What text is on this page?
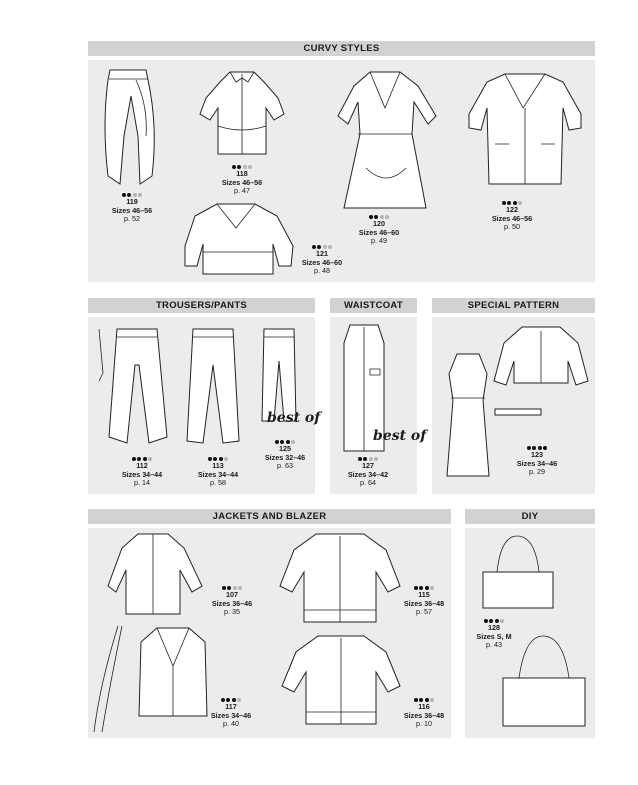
CURVY STYLES
119
Sizes 46–56
p. 52
118
Sizes 46–56
p. 47
120
Sizes 46–60
p. 49
122
Sizes 46–56
p. 50
121
Sizes 46–60
p. 48
TROUSERS/PANTS
best of
112
Sizes 34–44
p. 14
113
Sizes 34–44
p. 58
125
Sizes 32–46
p. 63
WAISTCOAT
best of
127
Sizes 34–42
p. 64
SPECIAL PATTERN
123
Sizes 34–46
p. 29
JACKETS AND BLAZER
107
Sizes 36–46
p. 35
115
Sizes 36–48
p. 57
117
Sizes 34–46
p. 40
116
Sizes 36–48
p. 10
DIY
128
Sizes S, M
p. 43
